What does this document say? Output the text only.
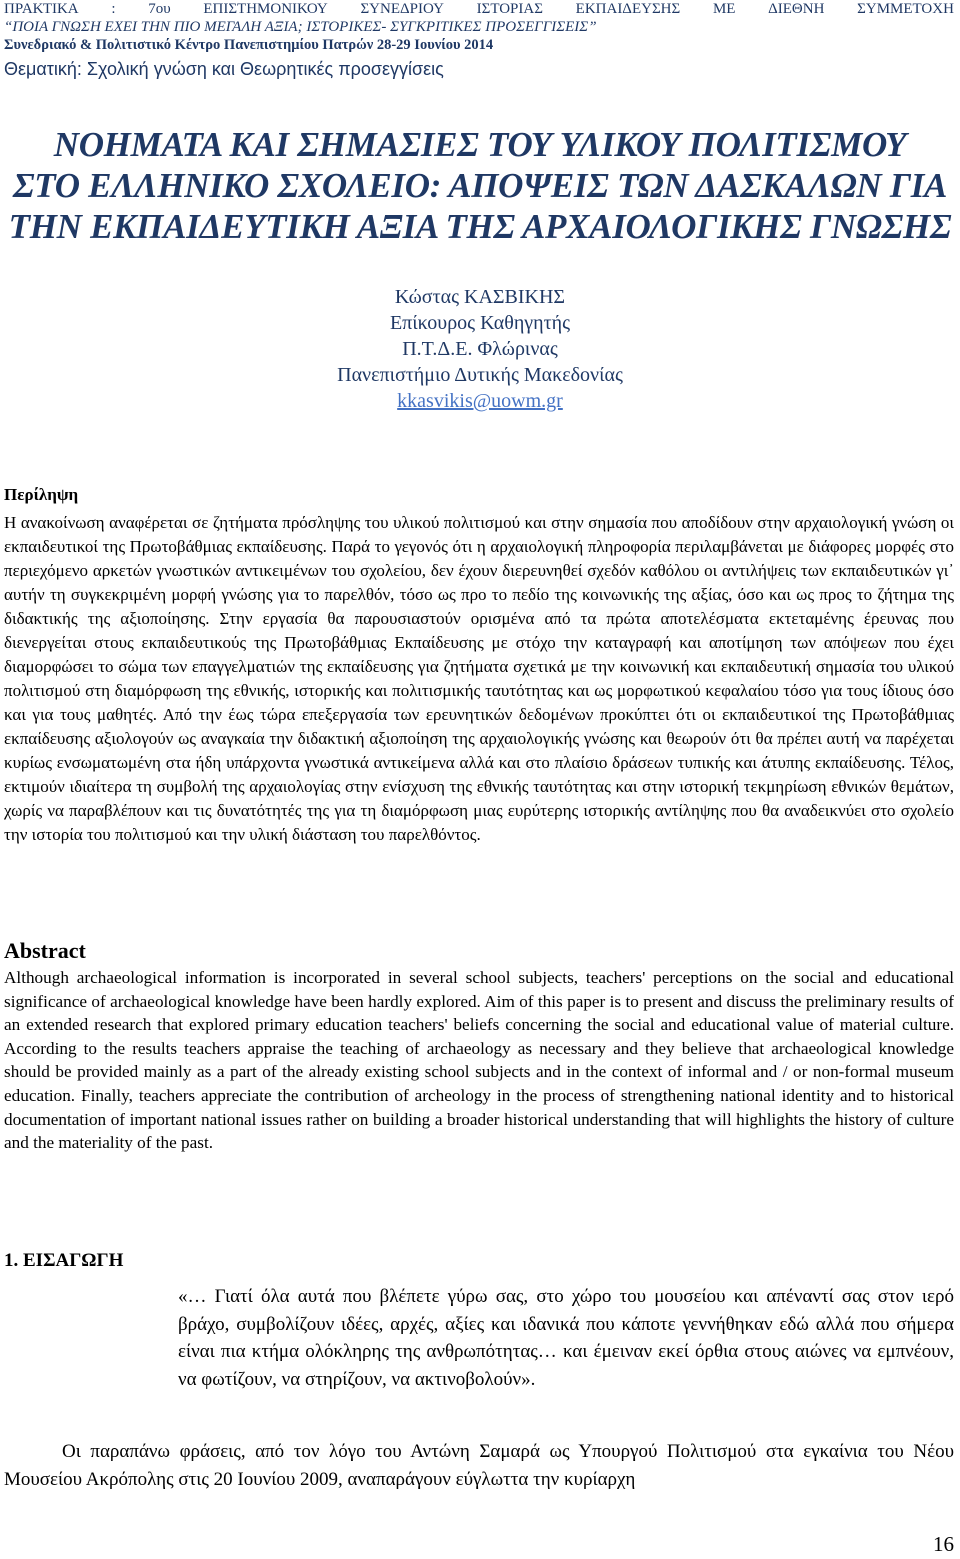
ΠΡΑΚΤΙΚΑ : 7ου ΕΠΙΣΤΗΜΟΝΙΚΟΥ ΣΥΝΕΔΡΙΟΥ ΙΣΤΟΡΙΑΣ ΕΚΠΑΙΔΕΥΣΗΣ ΜΕ ΔΙΕΘΝΗ ΣΥΜΜΕΤΟΧΗ
“ΠΟΙΑ ΓΝΩΣΗ ΕΧΕΙ ΤΗΝ ΠΙΟ ΜΕΓΑΛΗ ΑΞΙΑ; ΙΣΤΟΡΙΚΕΣ- ΣΥΓΚΡΙΤΙΚΕΣ ΠΡΟΣΕΓΓΙΣΕΙΣ”
Συνεδριακό & Πολιτιστικό Κέντρο Πανεπιστημίου Πατρών 28-29 Ιουνίου 2014
Θεματική: Σχολική γνώση και Θεωρητικές προσεγγίσεις
ΝΟΗΜΑΤΑ ΚΑΙ ΣΗΜΑΣΙΕΣ ΤΟΥ ΥΛΙΚΟΥ ΠΟΛΙΤΙΣΜΟΥ
ΣΤΟ ΕΛΛΗΝΙΚΟ ΣΧΟΛΕΙΟ: ΑΠΟΨΕΙΣ ΤΩΝ ΔΑΣΚΑΛΩΝ ΓΙΑ
ΤΗΝ ΕΚΠΑΙΔΕΥΤΙΚΗ ΑΞΙΑ ΤΗΣ ΑΡΧΑΙΟΛΟΓΙΚΗΣ ΓΝΩΣΗΣ
Κώστας ΚΑΣΒΙΚΗΣ
Επίκουρος Καθηγητής
Π.Τ.Δ.Ε. Φλώρινας
Πανεπιστήμιο Δυτικής Μακεδονίας
kkasvikis@uowm.gr
Περίληψη
Η ανακοίνωση αναφέρεται σε ζητήματα πρόσληψης του υλικού πολιτισμού και στην σημασία που αποδίδουν στην αρχαιολογική γνώση οι εκπαιδευτικοί της Πρωτοβάθμιας εκπαίδευσης. Παρά το γεγονός ότι η αρχαιολογική πληροφορία περιλαμβάνεται με διάφορες μορφές στο περιεχόμενο αρκετών γνωστικών αντικειμένων του σχολείου, δεν έχουν διερευνηθεί σχεδόν καθόλου οι αντιλήψεις των εκπαιδευτικών γι᾽ αυτήν τη συγκεκριμένη μορφή γνώσης για το παρελθόν, τόσο ως προ το πεδίο της κοινωνικής της αξίας, όσο και ως προς το ζήτημα της διδακτικής της αξιοποίησης. Στην εργασία θα παρουσιαστούν ορισμένα από τα πρώτα αποτελέσματα εκτεταμένης έρευνας που διενεργείται στους εκπαιδευτικούς της Πρωτοβάθμιας Εκπαίδευσης με στόχο την καταγραφή και αποτίμηση των απόψεων που έχει διαμορφώσει το σώμα των επαγγελματιών της εκπαίδευσης για ζητήματα σχετικά με την κοινωνική και εκπαιδευτική σημασία του υλικού πολιτισμού στη διαμόρφωση της εθνικής, ιστορικής και πολιτισμικής ταυτότητας και ως μορφωτικού κεφαλαίου τόσο για τους ίδιους όσο και για τους μαθητές. Από την έως τώρα επεξεργασία των ερευνητικών δεδομένων προκύπτει ότι οι εκπαιδευτικοί της Πρωτοβάθμιας εκπαίδευσης αξιολογούν ως αναγκαία την διδακτική αξιοποίηση της αρχαιολογικής γνώσης και θεωρούν ότι θα πρέπει αυτή να παρέχεται κυρίως ενσωματωμένη στα ήδη υπάρχοντα γνωστικά αντικείμενα αλλά και στο πλαίσιο δράσεων τυπικής και άτυπης εκπαίδευσης. Τέλος, εκτιμούν ιδιαίτερα τη συμβολή της αρχαιολογίας στην ενίσχυση της εθνικής ταυτότητας και στην ιστορική τεκμηρίωση εθνικών θεμάτων, χωρίς να παραβλέπουν και τις δυνατότητές της για τη διαμόρφωση μιας ευρύτερης ιστορικής αντίληψης που θα αναδεικνύει στο σχολείο την ιστορία του πολιτισμού και την υλική διάσταση του παρελθόντος.
Abstract
Although archaeological information is incorporated in several school subjects, teachers' perceptions on the social and educational significance of archaeological knowledge have been hardly explored. Aim of this paper is to present and discuss the preliminary results of an extended research that explored primary education teachers' beliefs concerning the social and educational value of material culture. According to the results teachers appraise the teaching of archaeology as necessary and they believe that archaeological knowledge should be provided mainly as a part of the already existing school subjects and in the context of informal and / or non-formal museum education. Finally, teachers appreciate the contribution of archeology in the process of strengthening national identity and to historical documentation of important national issues rather on building a broader historical understanding that will highlights the history of culture and the materiality of the past.
1. ΕΙΣΑΓΩΓΗ
«… Γιατί όλα αυτά που βλέπετε γύρω σας, στο χώρο του μουσείου και απέναντί σας στον ιερό βράχο, συμβολίζουν ιδέες, αρχές, αξίες και ιδανικά που κάποτε γεννήθηκαν εδώ αλλά που σήμερα είναι πια κτήμα ολόκληρης της ανθρωπότητας… και έμειναν εκεί όρθια στους αιώνες να εμπνέουν, να φωτίζουν, να στηρίζουν, να ακτινοβολούν».
Οι παραπάνω φράσεις, από τον λόγο του Αντώνη Σαμαρά ως Υπουργού Πολιτισμού στα εγκαίνια του Νέου Μουσείου Ακρόπολης στις 20 Ιουνίου 2009, αναπαράγουν εύγλωττα την κυρίαρχη
16
